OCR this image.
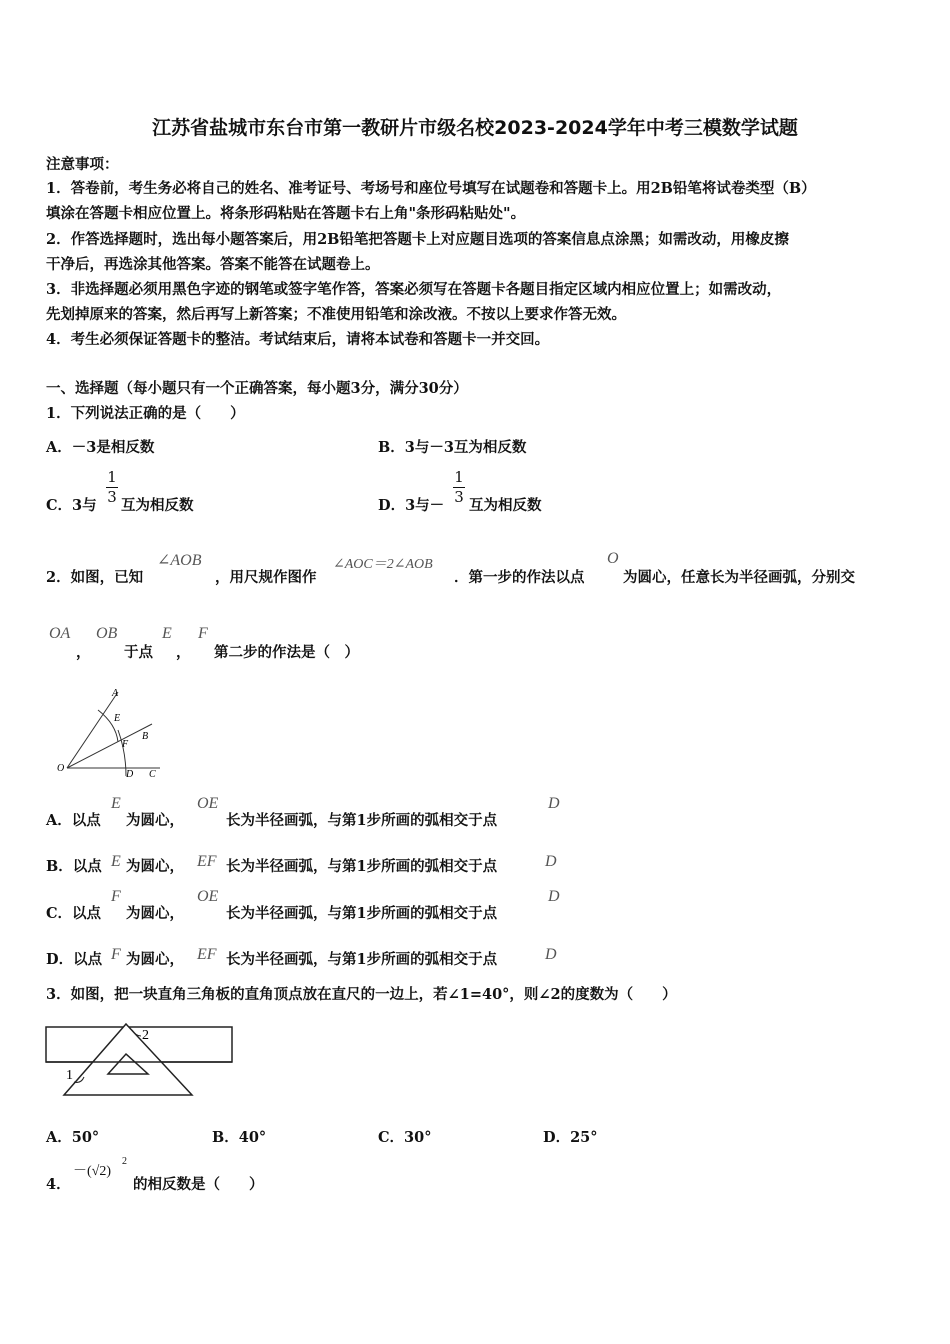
江苏省盐城市东台市第一教研片市级名校2023-2024学年中考三模数学试题
注意事项：
1．答卷前，考生务必将自己的姓名、准考证号、考场号和座位号填写在试题卷和答题卡上。用2B铅笔将试卷类型（B）
填涂在答题卡相应位置上。将条形码粘贴在答题卡右上角"条形码粘贴处"。
2．作答选择题时，选出每小题答案后，用2B铅笔把答题卡上对应题目选项的答案信息点涂黑；如需改动，用橡皮擦
干净后，再选涂其他答案。答案不能答在试题卷上。
3．非选择题必须用黑色字迹的钢笔或签字笔作答，答案必须写在答题卡各题目指定区域内相应位置上；如需改动，
先划掉原来的答案，然后再写上新答案；不准使用铅笔和涂改液。不按以上要求作答无效。
4．考生必须保证答题卡的整洁。考试结束后，请将本试卷和答题卡一并交回。
一、选择题（每小题只有一个正确答案，每小题3分，满分30分）
1．下列说法正确的是（　　）
A．－3是相反数	B．3与－3互为相反数
C．3与
1
3 互为相反数	D．3与－
1
3 互为相反数
2．如图，已知
∠AOB
，用尺规作图作
∠AOC＝2∠AOB
．第一步的作法以点
O
为圆心，任意长为半径画弧，分别交
OA
，
OB
于点
E
，
F
第二步的作法是（　）
A
E
B
F
O
D C
A．以点
E
为圆心，
OE
长为半径画弧，与第1步所画的弧相交于点
D
B．以点 E 为圆心， EF 长为半径画弧，与第1步所画的弧相交于点	D
C．以点
F
为圆心，
OE
长为半径画弧，与第1步所画的弧相交于点
D
D．以点 F 为圆心， EF 长为半径画弧，与第1步所画的弧相交于点	D
3．如图，把一块直角三角板的直角顶点放在直尺的一边上，若∠1=40°，则∠2的度数为（　　）
2
1
A．50°	B．40°	C．30°	D．25°
4．
－(√2)
2
的相反数是（　　）
